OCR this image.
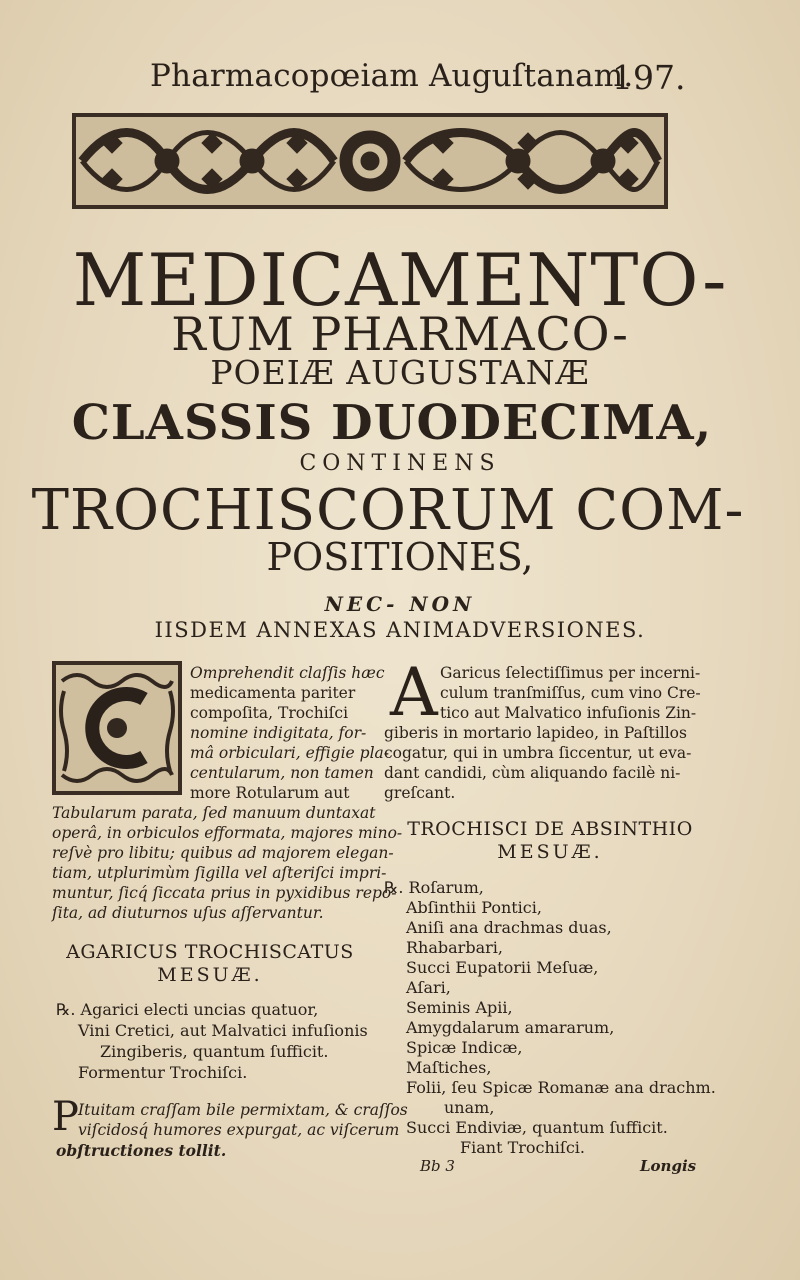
Pharmacopœiam Auguſtanam.
197.
MEDICAMENTO-
RUM PHARMACO-
POEIÆ AUGUSTANÆ
CLASSIS DUODECIMA,
CONTINENS
TROCHISCORUM COM-
POSITIONES,
NEC- NON
IISDEM ANNEXAS ANIMADVERSIONES.
Omprehendit claſſis hæc
medicamenta pariter
compoſita, Trochiſci
nomine indigitata, for-
mâ orbiculari, effigie pla-
centularum, non tamen
more Rotularum aut
Tabularum parata, ſed manuum duntaxat
operâ, in orbiculos efformata, majores mino-
reſvè pro libitu; quibus ad majorem elegan-
tiam, utplurimùm ſigilla vel aſteriſci impri-
muntur, ſicq́ ſiccata prius in pyxidibus repo-
ſita, ad diuturnos uſus aſſervantur.
AGARICUS TROCHISCATUS
MESUÆ.
℞. Agarici electi uncias quatuor,
Vini Cretici, aut Malvatici infuſionis
Zingiberis, quantum ſufficit.
Formentur Trochiſci.
P Ituitam craſſam bile permixtam, & craſſos
viſcidosq́ humores expurgat, ac viſcerum
obſtructiones tollit.
A Garicus ſelectiſſimus per incerni-
culum tranſmiſſus, cum vino Cre-
tico aut Malvatico infuſionis Zin-
giberis in mortario lapideo, in Paſtillos
cogatur, qui in umbra ſiccentur, ut eva-
dant candidi, cùm aliquando facilè ni-
greſcant.
TROCHISCI DE ABSINTHIO
MESUÆ.
℞. Roſarum,
Abſinthii Pontici,
Aniſi ana drachmas duas,
Rhabarbari,
Succi Eupatorii Meſuæ,
Aſari,
Seminis Apii,
Amygdalarum amararum,
Spicæ Indicæ,
Maſtiches,
Folii, ſeu Spicæ Romanæ ana drachm.
unam,
Succi Endiviæ, quantum ſufficit.
Fiant Trochiſci.
Bb 3	Longis
